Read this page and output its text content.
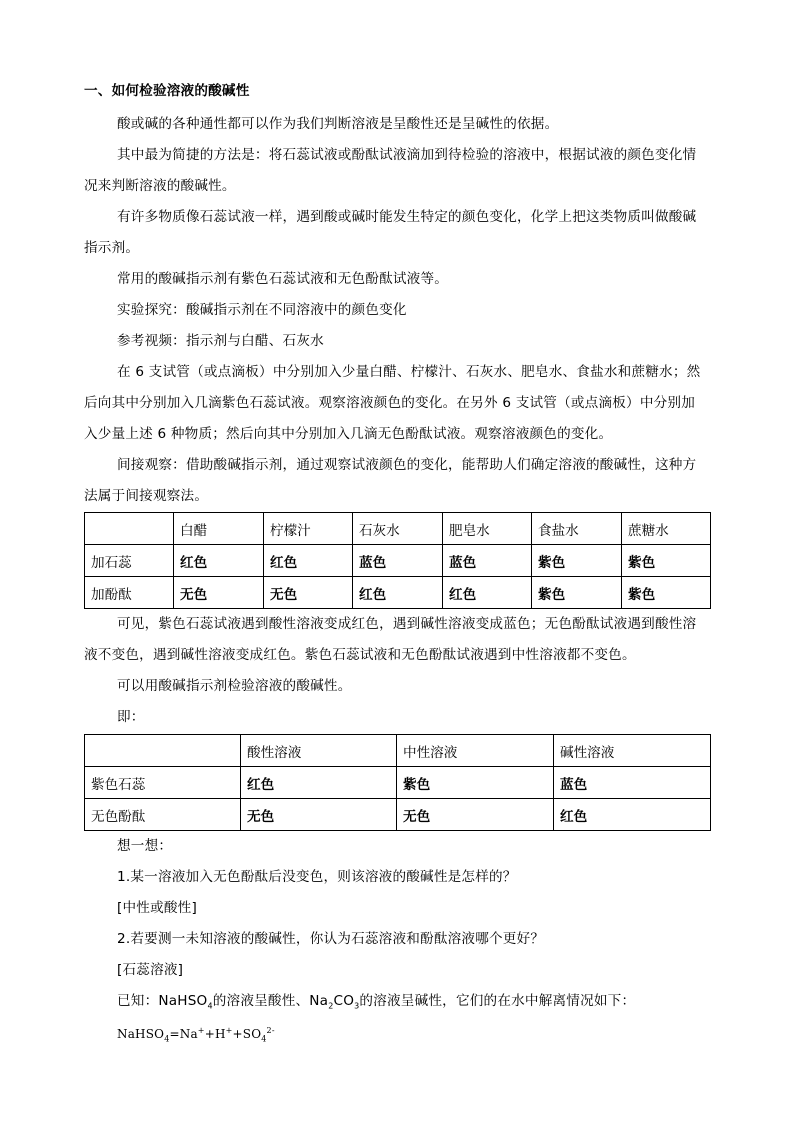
一、如何检验溶液的酸碱性
酸或碱的各种通性都可以作为我们判断溶液是呈酸性还是呈碱性的依据。
其中最为简捷的方法是：将石蕊试液或酚酞试液滴加到待检验的溶液中，根据试液的颜色变化情
况来判断溶液的酸碱性。
有许多物质像石蕊试液一样，遇到酸或碱时能发生特定的颜色变化，化学上把这类物质叫做酸碱
指示剂。
常用的酸碱指示剂有紫色石蕊试液和无色酚酞试液等。
实验探究：酸碱指示剂在不同溶液中的颜色变化
参考视频：指示剂与白醋、石灰水
在 6 支试管（或点滴板）中分别加入少量白醋、柠檬汁、石灰水、肥皂水、食盐水和蔗糖水；然
后向其中分别加入几滴紫色石蕊试液。观察溶液颜色的变化。在另外 6 支试管（或点滴板）中分别加
入少量上述 6 种物质；然后向其中分别加入几滴无色酚酞试液。观察溶液颜色的变化。
间接观察：借助酸碱指示剂，通过观察试液颜色的变化，能帮助人们确定溶液的酸碱性，这种方
法属于间接观察法。
	白醋	柠檬汁	石灰水	肥皂水	食盐水	蔗糖水
加石蕊	红色	红色	蓝色	蓝色	紫色	紫色
加酚酞	无色	无色	红色	红色	紫色	紫色
可见，紫色石蕊试液遇到酸性溶液变成红色，遇到碱性溶液变成蓝色；无色酚酞试液遇到酸性溶
液不变色，遇到碱性溶液变成红色。紫色石蕊试液和无色酚酞试液遇到中性溶液都不变色。
可以用酸碱指示剂检验溶液的酸碱性。
即：
	酸性溶液	中性溶液	碱性溶液
紫色石蕊	红色	紫色	蓝色
无色酚酞	无色	无色	红色
想一想：
1.某一溶液加入无色酚酞后没变色，则该溶液的酸碱性是怎样的？
[中性或酸性]
2.若要测一未知溶液的酸碱性，你认为石蕊溶液和酚酞溶液哪个更好？
[石蕊溶液]
已知：NaHSO$_4$的溶液呈酸性、$Na_2CO_3$的溶液呈碱性，它们的在水中解离情况如下：
$NaHSO_4=Na^++H^++SO_4^{2-}$
